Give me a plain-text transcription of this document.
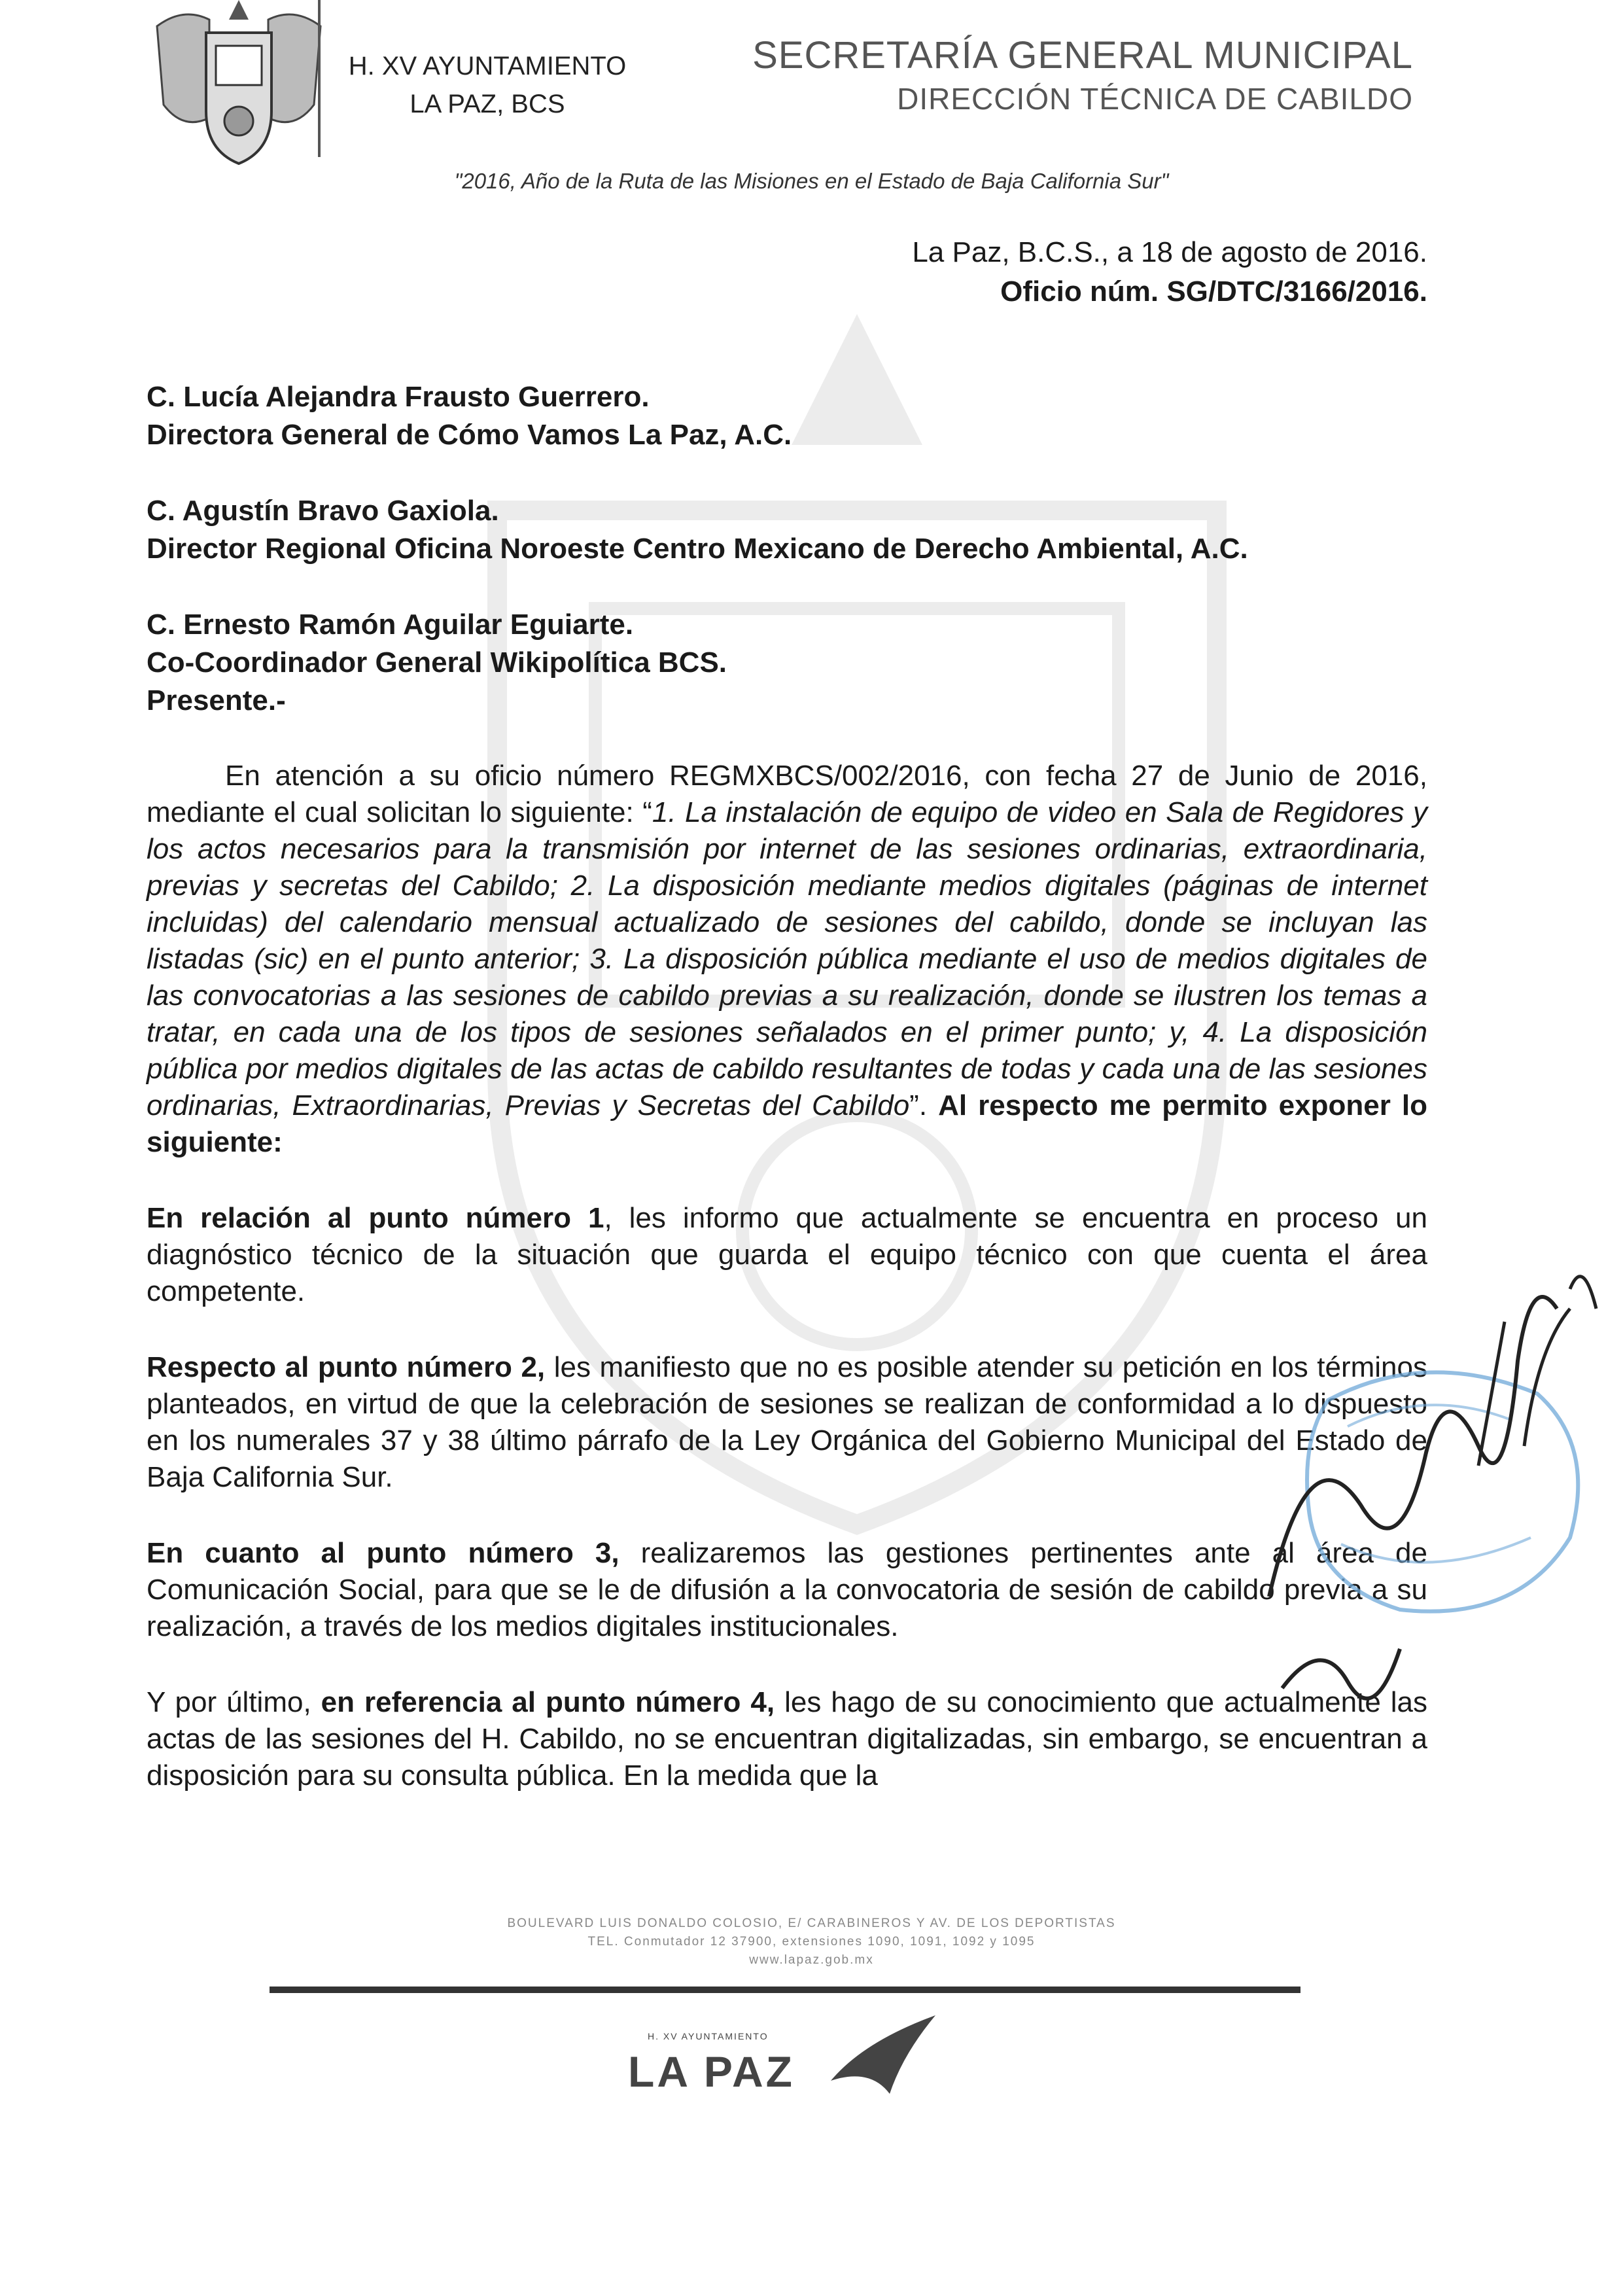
H. XV AYUNTAMIENTO
LA PAZ, BCS
SECRETARÍA GENERAL MUNICIPAL
DIRECCIÓN TÉCNICA DE CABILDO
"2016, Año de la Ruta de las Misiones en el Estado de Baja California Sur"
La Paz, B.C.S., a 18 de agosto de 2016.
Oficio núm. SG/DTC/3166/2016.
C. Lucía Alejandra Frausto Guerrero.
Directora General de Cómo Vamos La Paz, A.C.
C. Agustín Bravo Gaxiola.
Director Regional Oficina Noroeste Centro Mexicano de Derecho Ambiental, A.C.
C. Ernesto Ramón Aguilar Eguiarte.
Co-Coordinador General Wikipolítica BCS.
Presente.-

En atención a su oficio número REGMXBCS/002/2016, con fecha 27 de Junio de 2016, mediante el cual solicitan lo siguiente: “1. La instalación de equipo de video en Sala de Regidores y los actos necesarios para la transmisión por internet de las sesiones ordinarias, extraordinaria, previas y secretas del Cabildo; 2. La disposición mediante medios digitales (páginas de internet incluidas) del calendario mensual actualizado de sesiones del cabildo, donde se incluyan las listadas (sic) en el punto anterior; 3. La disposición pública mediante el uso de medios digitales de las convocatorias a las sesiones de cabildo previas a su realización, donde se ilustren los temas a tratar, en cada una de los tipos de sesiones señalados en el primer punto; y, 4. La disposición pública por medios digitales de las actas de cabildo resultantes de todas y cada una de las sesiones ordinarias, Extraordinarias, Previas y Secretas del Cabildo”. Al respecto me permito exponer lo siguiente:

En relación al punto número 1, les informo que actualmente se encuentra en proceso un diagnóstico técnico de la situación que guarda el equipo técnico con que cuenta el área competente.

Respecto al punto número 2, les manifiesto que no es posible atender su petición en los términos planteados, en virtud de que la celebración de sesiones se realizan de conformidad a lo dispuesto en los numerales 37 y 38 último párrafo de la Ley Orgánica del Gobierno Municipal del Estado de Baja California Sur.

En cuanto al punto número 3, realizaremos las gestiones pertinentes ante al área de Comunicación Social, para que se le de difusión a la convocatoria de sesión de cabildo previa a su realización, a través de los medios digitales institucionales.

Y por último, en referencia al punto número 4, les hago de su conocimiento que actualmente las actas de las sesiones del H. Cabildo, no se encuentran digitalizadas, sin embargo, se encuentran a disposición para su consulta pública. En la medida que la

BOULEVARD LUIS DONALDO COLOSIO, E/ CARABINEROS Y AV. DE LOS DEPORTISTAS
TEL. Conmutador 12 37900, extensiones 1090, 1091, 1092 y 1095
www.lapaz.gob.mx
H. XV AYUNTAMIENTO
LA PAZ
